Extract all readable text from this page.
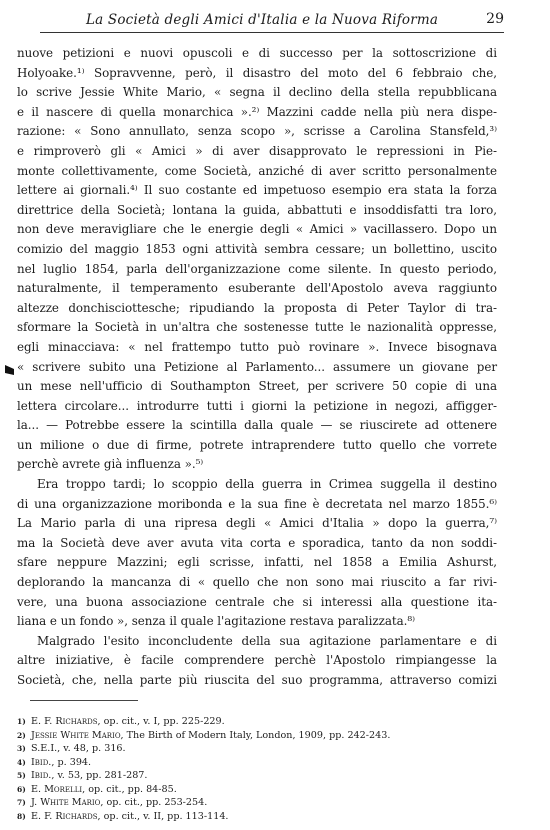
La Società degli Amici d'Italia e la Nuova Riforma	29
nuove petizioni e nuovi opuscoli e di successo per la sottoscrizione di
Holyoake.¹⁾ Sopravvenne, però, il disastro del moto del 6 febbraio che,
lo scrive Jessie White Mario, « segna il declino della stella repubblicana
e il nascere di quella monarchica ».²⁾ Mazzini cadde nella più nera dispe-
razione: « Sono annullato, senza scopo », scrisse a Carolina Stansfeld,³⁾
e rimproverò gli « Amici » di aver disapprovato le repressioni in Pie-
monte collettivamente, come Società, anziché di aver scritto personalmente
lettere ai giornali.⁴⁾ Il suo costante ed impetuoso esempio era stata la forza
direttrice della Società; lontana la guida, abbattuti e insoddisfatti tra loro,
non deve meravigliare che le energie degli « Amici » vacillassero. Dopo un
comizio del maggio 1853 ogni attività sembra cessare; un bollettino, uscito
nel luglio 1854, parla dell'organizzazione come silente. In questo periodo,
naturalmente, il temperamento esuberante dell'Apostolo aveva raggiunto
altezze donchisciottesche; ripudiando la proposta di Peter Taylor di tra-
sformare la Società in un'altra che sostenesse tutte le nazionalità oppresse,
egli minacciava: « nel frattempo tutto può rovinare ». Invece bisognava
« scrivere subito una Petizione al Parlamento... assumere un giovane per
un mese nell'ufficio di Southampton Street, per scrivere 50 copie di una
lettera circolare... introdurre tutti i giorni la petizione in negozi, affigger-
la... — Potrebbe essere la scintilla dalla quale — se riuscirete ad ottenere
un milione o due di firme, potrete intraprendere tutto quello che vorrete
perchè avrete già influenza ».⁵⁾
Era troppo tardi; lo scoppio della guerra in Crimea suggella il destino
di una organizzazione moribonda e la sua fine è decretata nel marzo 1855.⁶⁾
La Mario parla di una ripresa degli « Amici d'Italia » dopo la guerra,⁷⁾
ma la Società deve aver avuta vita corta e sporadica, tanto da non soddi-
sfare neppure Mazzini; egli scrisse, infatti, nel 1858 a Emilia Ashurst,
deplorando la mancanza di « quello che non sono mai riuscito a far rivi-
vere, una buona associazione centrale che si interessi alla questione ita-
liana e un fondo », senza il quale l'agitazione restava paralizzata.⁸⁾
Malgrado l'esito inconcludente della sua agitazione parlamentare e di
altre iniziative, è facile comprendere perchè l'Apostolo rimpiangesse la
Società, che, nella parte più riuscita del suo programma, attraverso comizi
1) E. F. Richards, op. cit., v. I, pp. 225-229.
2) Jessie White Mario, The Birth of Modern Italy, London, 1909, pp. 242-243.
3) S.E.I., v. 48, p. 316.
4) Ibid., p. 394.
5) Ibid., v. 53, pp. 281-287.
6) E. Morelli, op. cit., pp. 84-85.
7) J. White Mario, op. cit., pp. 253-254.
8) E. F. Richards, op. cit., v. II, pp. 113-114.
